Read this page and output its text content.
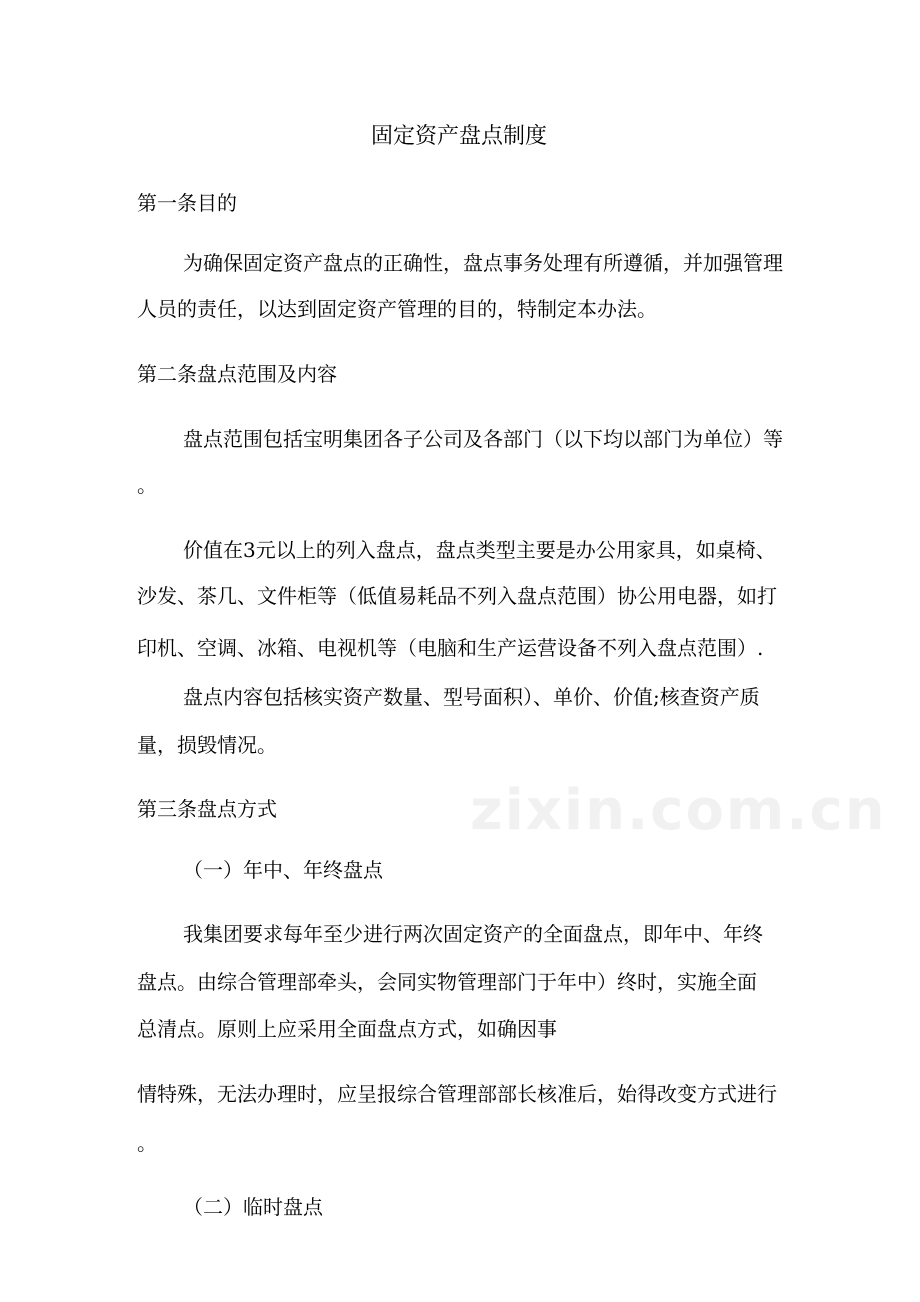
固定资产盘点制度
第一条目的
为确保固定资产盘点的正确性，盘点事务处理有所遵循，并加强管理
人员的责任，以达到固定资产管理的目的，特制定本办法。
第二条盘点范围及内容
盘点范围包括宝明集团各子公司及各部门（以下均以部门为单位）等
。
价值在3元以上的列入盘点，盘点类型主要是办公用家具，如桌椅、
沙发、茶几、文件柜等（低值易耗品不列入盘点范围）协公用电器，如打
印机、空调、冰箱、电视机等（电脑和生产运营设备不列入盘点范围）.
盘点内容包括核实资产数量、型号面积）、单价、价值;核查资产质
量，损毁情况。
第三条盘点方式
（一）年中、年终盘点
我集团要求每年至少进行两次固定资产的全面盘点，即年中、年终
盘点。由综合管理部牵头，会同实物管理部门于年中）终时，实施全面
总清点。原则上应采用全面盘点方式，如确因事
情特殊，无法办理时，应呈报综合管理部部长核准后，始得改变方式进行
。
（二）临时盘点
zixin.com.cn
